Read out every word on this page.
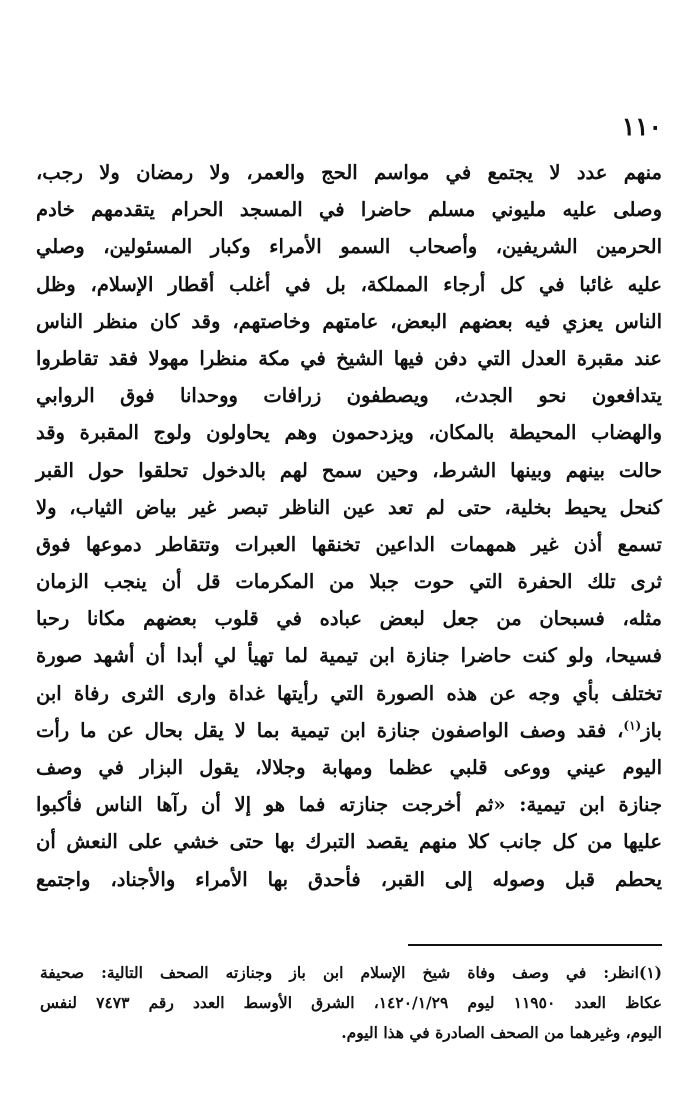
١١٠
منهم عدد لا يجتمع في مواسم الحج والعمر، ولا رمضان ولا رجب،
وصلى عليه مليوني مسلم حاضرا في المسجد الحرام يتقدمهم خادم
الحرمين الشريفين، وأصحاب السمو الأمراء وكبار المسئولين، وصلي
عليه غائبا في كل أرجاء المملكة، بل في أغلب أقطار الإسلام، وظل
الناس يعزي فيه بعضهم البعض، عامتهم وخاصتهم، وقد كان منظر الناس
عند مقبرة العدل التي دفن فيها الشيخ في مكة منظرا مهولا فقد تقاطروا
يتدافعون نحو الجدث، ويصطفون زرافات ووحدانا فوق الروابي
والهضاب المحيطة بالمكان، ويزدحمون وهم يحاولون ولوج المقبرة وقد
حالت بينهم وبينها الشرط، وحين سمح لهم بالدخول تحلقوا حول القبر
كنحل يحيط بخلية، حتى لم تعد عين الناظر تبصر غير بياض الثياب، ولا
تسمع أذن غير همهمات الداعين تخنقها العبرات وتتقاطر دموعها فوق
ثرى تلك الحفرة التي حوت جبلا من المكرمات قل أن ينجب الزمان
مثله، فسبحان من جعل لبعض عباده في قلوب بعضهم مكانا رحبا
فسيحا، ولو كنت حاضرا جنازة ابن تيمية لما تهيأ لي أبدا أن أشهد صورة
تختلف بأي وجه عن هذه الصورة التي رأيتها غداة وارى الثرى رفاة ابن
باز$^{(١)}$، فقد وصف الواصفون جنازة ابن تيمية بما لا يقل بحال عن ما رأت
اليوم عيني ووعى قلبي عظما ومهابة وجلالا، يقول البزار في وصف
جنازة ابن تيمية: «ثم أخرجت جنازته فما هو إلا أن رآها الناس فأكبوا
عليها من كل جانب كلا منهم يقصد التبرك بها حتى خشي على النعش أن
يحطم قبل وصوله إلى القبر، فأحدق بها الأمراء والأجناد، واجتمع
(١)انظر: في وصف وفاة شيخ الإسلام ابن باز وجنازته الصحف التالية: صحيفة
عكاظ العدد ١١٩٥٠ ليوم ١٤٢٠/١/٢٩، الشرق الأوسط العدد رقم ٧٤٧٣ لنفس
اليوم، وغيرهما من الصحف الصادرة في هذا اليوم.
